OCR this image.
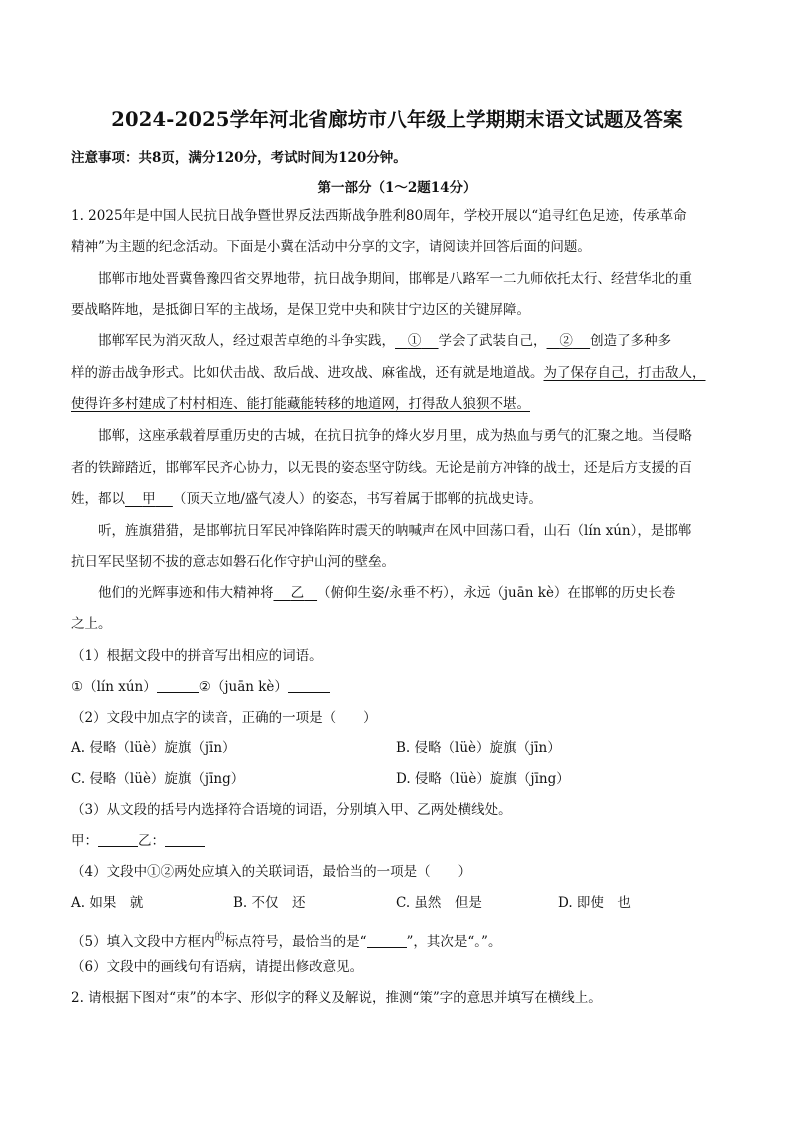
2024-2025学年河北省廊坊市八年级上学期期末语文试题及答案
注意事项：共8页，满分120分，考试时间为120分钟。
第一部分（1～2题14分）
1. 2025年是中国人民抗日战争暨世界反法西斯战争胜利80周年，学校开展以“追寻红色足迹，传承革命
精神”为主题的纪念活动。下面是小冀在活动中分享的文字，请阅读并回答后面的问题。
邯郸市地处晋冀鲁豫四省交界地带，抗日战争期间，邯郸是八路军一二九师依托太行、经营华北的重
要战略阵地，是抵御日军的主战场，是保卫党中央和陕甘宁边区的关键屏障。
邯郸军民为消灭敌人，经过艰苦卓绝的斗争实践， ① 学会了武装自己， ② 创造了多种多
样的游击战争形式。比如伏击战、敌后战、进攻战、麻雀战，还有就是地道战。为了保存自己，打击敌人，
使得许多村建成了村村相连、能打能藏能转移的地道网，打得敌人狼狈不堪。
邯郸，这座承载着厚重历史的古城，在抗日抗争的烽火岁月里，成为热血与勇气的汇聚之地。当侵略
者的铁蹄踏近，邯郸军民齐心协力，以无畏的姿态坚守防线。无论是前方冲锋的战士，还是后方支援的百
姓，都以 甲 （顶天立地/盛气凌人）的姿态，书写着属于邯郸的抗战史诗。
听，旌旗猎猎，是邯郸抗日军民冲锋陷阵时震天的呐喊声在风中回荡口看，山石（lín xún），是邯郸
抗日军民坚韧不拔的意志如磐石化作守护山河的壁垒。
他们的光辉事迹和伟大精神将 乙 （俯仰生姿/永垂不朽），永远（juān kè）在邯郸的历史长卷
之上。
（1）根据文段中的拼音写出相应的词语。
①（lín xún）	②（juān kè）
（2）文段中加点字的读音，正确的一项是（　　）
A. 侵略（lüè）旋旗（jīn）	B. 侵略（lüè）旋旗（jīn）
C. 侵略（lüè）旋旗（jīng）	D. 侵略（lüè）旋旗（jīng）
（3）从文段的括号内选择符合语境的词语，分别填入甲、乙两处横线处。
甲：	乙：
（4）文段中①②两处应填入的关联词语，最恰当的一项是（　　）
A. 如果　就	B. 不仅　还	C. 虽然　但是	D. 即使　也
（5）填入文段中方框内$^的$标点符号，最恰当的是“	”，其次是“。”。
（6）文段中的画线句有语病，请提出修改意见。
2. 请根据下图对“朿”的本字、形似字的释义及解说，推测“策”字的意思并填写在横线上。
